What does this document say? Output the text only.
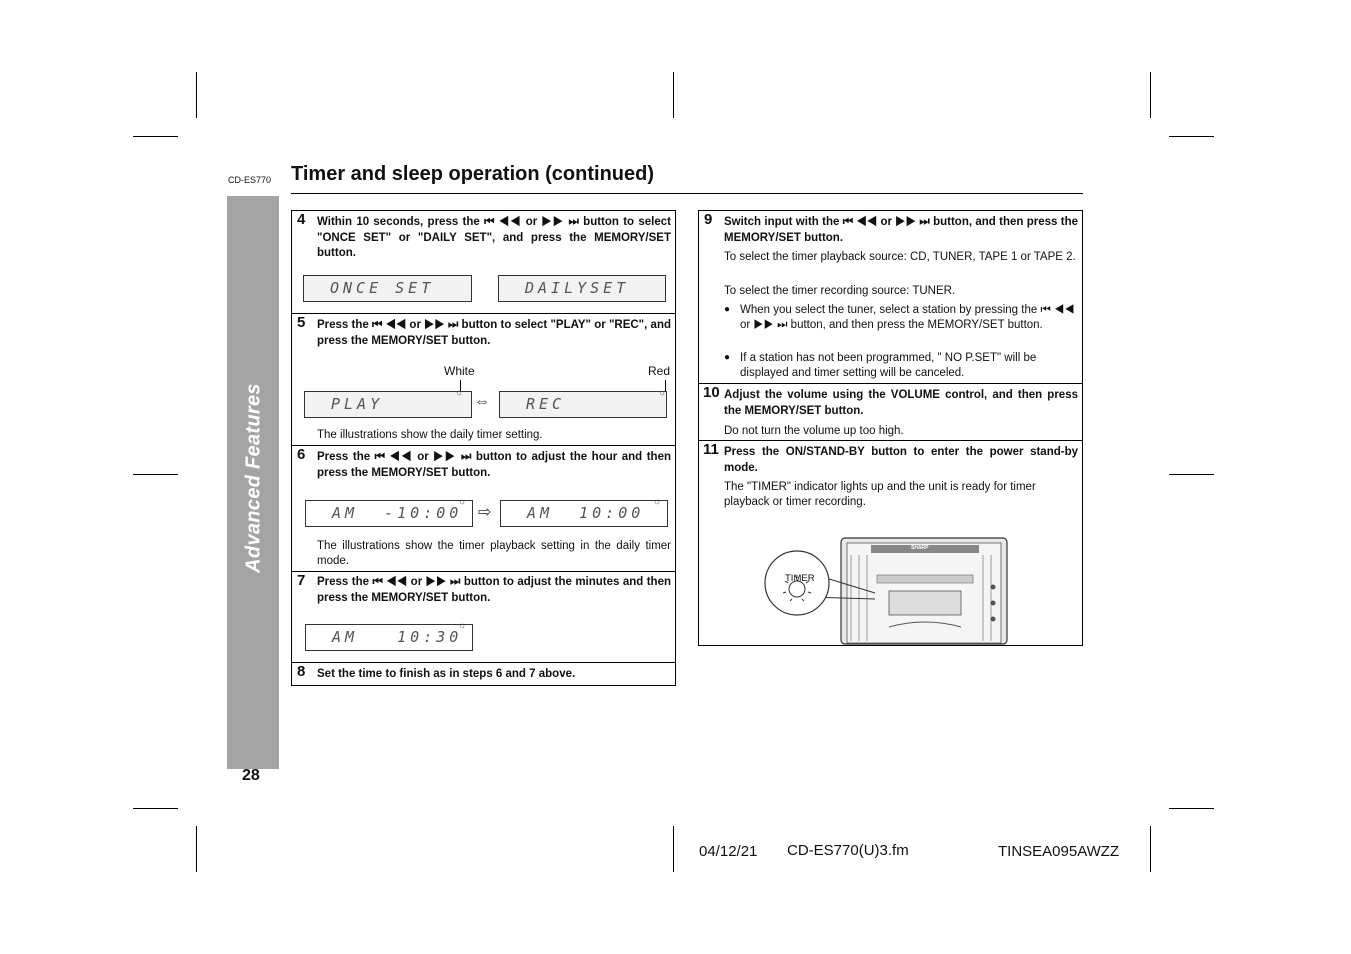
CD-ES770 Timer and sleep operation (continued)
Advanced Features
28
4 Within 10 seconds, press the ⏮ ◀◀ or ▶▶ ⏭ button to select "ONCE SET" or "DAILY SET", and press the MEMORY/SET button.
ONCE SET	DAILYSET
5 Press the ⏮ ◀◀ or ▶▶ ⏭ button to select "PLAY" or "REC", and press the MEMORY/SET button.
White	Red
PLAY
☼
⇔	REC
☼
The illustrations show the daily timer setting.
6 Press the ⏮ ◀◀ or ▶▶ ⏭ button to adjust the hour and then press the MEMORY/SET button.
AM  -10:00
☼
⇨	AM  10:00
☼
The illustrations show the timer playback setting in the daily timer mode.
7 Press the ⏮ ◀◀ or ▶▶ ⏭ button to adjust the minutes and then press the MEMORY/SET button.
AM   10:30
☼
8 Set the time to finish as in steps 6 and 7 above.
9 Switch input with the ⏮ ◀◀ or ▶▶ ⏭ button, and then press the MEMORY/SET button.
To select the timer playback source: CD, TUNER, TAPE 1 or TAPE 2.
To select the timer recording source: TUNER.
● When you select the tuner, select a station by pressing the ⏮ ◀◀ or ▶▶ ⏭ button, and then press the MEMORY/SET button.
● If a station has not been programmed, " NO P.SET" will be displayed and timer setting will be canceled.
10 Adjust the volume using the VOLUME control, and then press the MEMORY/SET button.
Do not turn the volume up too high.
11 Press the ON/STAND-BY button to enter the power stand-by mode.
The "TIMER" indicator lights up and the unit is ready for timer playback or timer recording.
TIMER
SHARP
04/12/21 CD-ES770(U)3.fm	TINSEA095AWZZ
